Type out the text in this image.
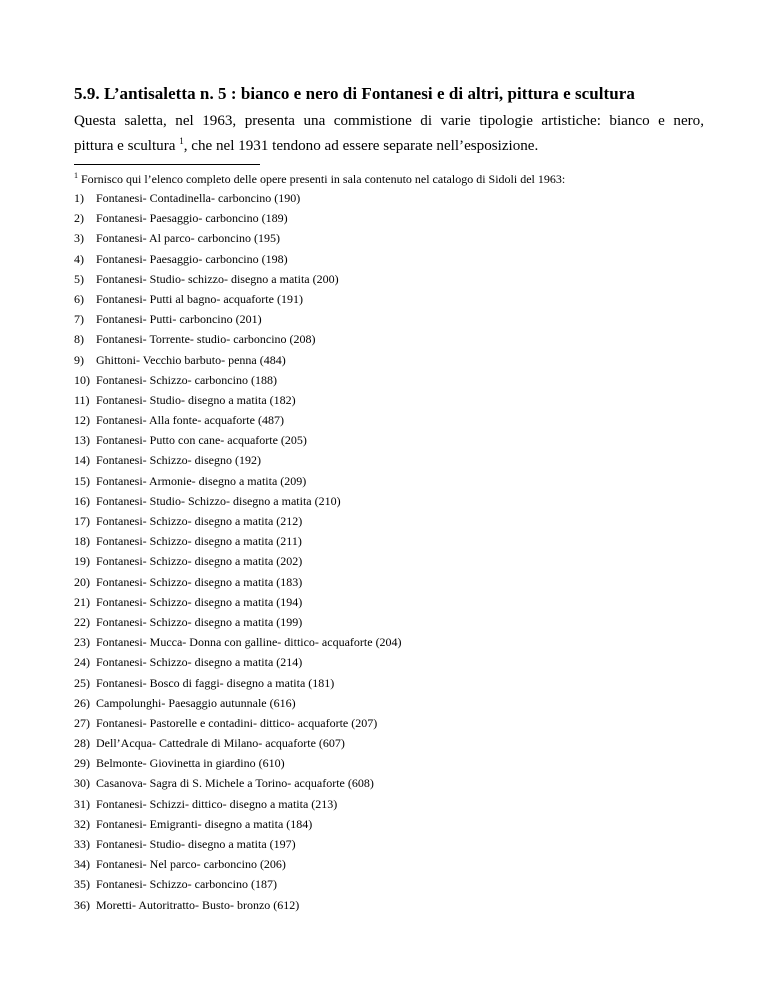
5.9. L’antisaletta n. 5 : bianco e nero di Fontanesi e di altri, pittura e scultura
Questa saletta, nel 1963, presenta una commistione di varie tipologie artistiche: bianco e nero,
pittura e scultura $^1$, che nel 1931 tendono ad essere separate nell’esposizione.

$^1$ Fornisco qui l’elenco completo delle opere presenti in sala contenuto nel catalogo di Sidoli del 1963:

1) Fontanesi- Contadinella- carboncino (190)
2) Fontanesi- Paesaggio- carboncino (189)
3) Fontanesi- Al parco- carboncino (195)
4) Fontanesi- Paesaggio- carboncino (198)
5) Fontanesi- Studio- schizzo- disegno a matita (200)
6) Fontanesi- Putti al bagno- acquaforte (191)
7) Fontanesi- Putti- carboncino (201)
8) Fontanesi- Torrente- studio- carboncino (208)
9) Ghittoni- Vecchio barbuto- penna (484)
10) Fontanesi- Schizzo- carboncino (188)
11) Fontanesi- Studio- disegno a matita (182)
12) Fontanesi- Alla fonte- acquaforte (487)
13) Fontanesi- Putto con cane- acquaforte (205)
14) Fontanesi- Schizzo- disegno (192)
15) Fontanesi- Armonie- disegno a matita (209)
16) Fontanesi- Studio- Schizzo- disegno a matita (210)
17) Fontanesi- Schizzo- disegno a matita (212)
18) Fontanesi- Schizzo- disegno a matita (211)
19) Fontanesi- Schizzo- disegno a matita (202)
20) Fontanesi- Schizzo- disegno a matita (183)
21) Fontanesi- Schizzo- disegno a matita (194)
22) Fontanesi- Schizzo- disegno a matita (199)
23) Fontanesi- Mucca- Donna con galline- dittico- acquaforte (204)
24) Fontanesi- Schizzo- disegno a matita (214)
25) Fontanesi- Bosco di faggi- disegno a matita (181)
26) Campolunghi- Paesaggio autunnale (616)
27) Fontanesi- Pastorelle e contadini- dittico- acquaforte (207)
28) Dell’Acqua- Cattedrale di Milano- acquaforte (607)
29) Belmonte- Giovinetta in giardino (610)
30) Casanova- Sagra di S. Michele a Torino- acquaforte (608)
31) Fontanesi- Schizzi- dittico- disegno a matita (213)
32) Fontanesi- Emigranti- disegno a matita (184)
33) Fontanesi- Studio- disegno a matita (197)
34) Fontanesi- Nel parco- carboncino (206)
35) Fontanesi- Schizzo- carboncino (187)
36) Moretti- Autoritratto- Busto- bronzo (612)
